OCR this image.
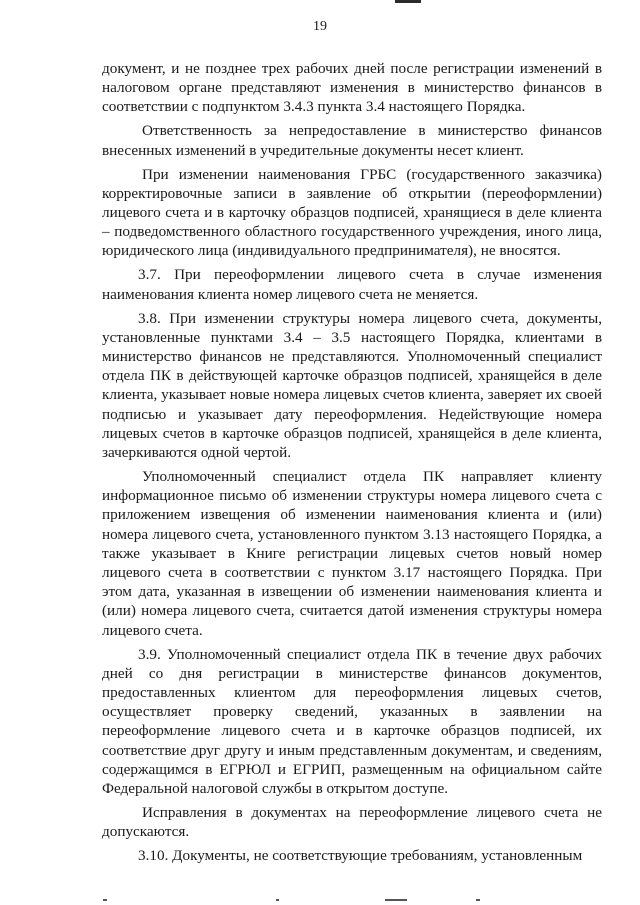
19

документ, и не позднее трех рабочих дней после регистрации изменений в налоговом органе представляют изменения в министерство финансов в соответствии с подпунктом 3.4.3 пункта 3.4 настоящего Порядка.

Ответственность за непредоставление в министерство финансов внесенных изменений в учредительные документы несет клиент.

При изменении наименования ГРБС (государственного заказчика) корректировочные записи в заявление об открытии (переоформлении) лицевого счета и в карточку образцов подписей, хранящиеся в деле клиента – подведомственного областного государственного учреждения, иного лица, юридического лица (индивидуального предпринимателя), не вносятся.

3.7. При переоформлении лицевого счета в случае изменения наименования клиента номер лицевого счета не меняется.

3.8. При изменении структуры номера лицевого счета, документы, установленные пунктами 3.4 – 3.5 настоящего Порядка, клиентами в министерство финансов не представляются. Уполномоченный специалист отдела ПК в действующей карточке образцов подписей, хранящейся в деле клиента, указывает новые номера лицевых счетов клиента, заверяет их своей подписью и указывает дату переоформления. Недействующие номера лицевых счетов в карточке образцов подписей, хранящейся в деле клиента, зачеркиваются одной чертой.

Уполномоченный специалист отдела ПК направляет клиенту информационное письмо об изменении структуры номера лицевого счета с приложением извещения об изменении наименования клиента и (или) номера лицевого счета, установленного пунктом 3.13 настоящего Порядка, а также указывает в Книге регистрации лицевых счетов новый номер лицевого счета в соответствии с пунктом 3.17 настоящего Порядка. При этом дата, указанная в извещении об изменении наименования клиента и (или) номера лицевого счета, считается датой изменения структуры номера лицевого счета.

3.9. Уполномоченный специалист отдела ПК в течение двух рабочих дней со дня регистрации в министерстве финансов документов, предоставленных клиентом для переоформления лицевых счетов, осуществляет проверку сведений, указанных в заявлении на переоформление лицевого счета и в карточке образцов подписей, их соответствие друг другу и иным представленным документам, и сведениям, содержащимся в ЕГРЮЛ и ЕГРИП, размещенным на официальном сайте Федеральной налоговой службы в открытом доступе.

Исправления в документах на переоформление лицевого счета не допускаются.

3.10. Документы, не соответствующие требованиям, установленным
